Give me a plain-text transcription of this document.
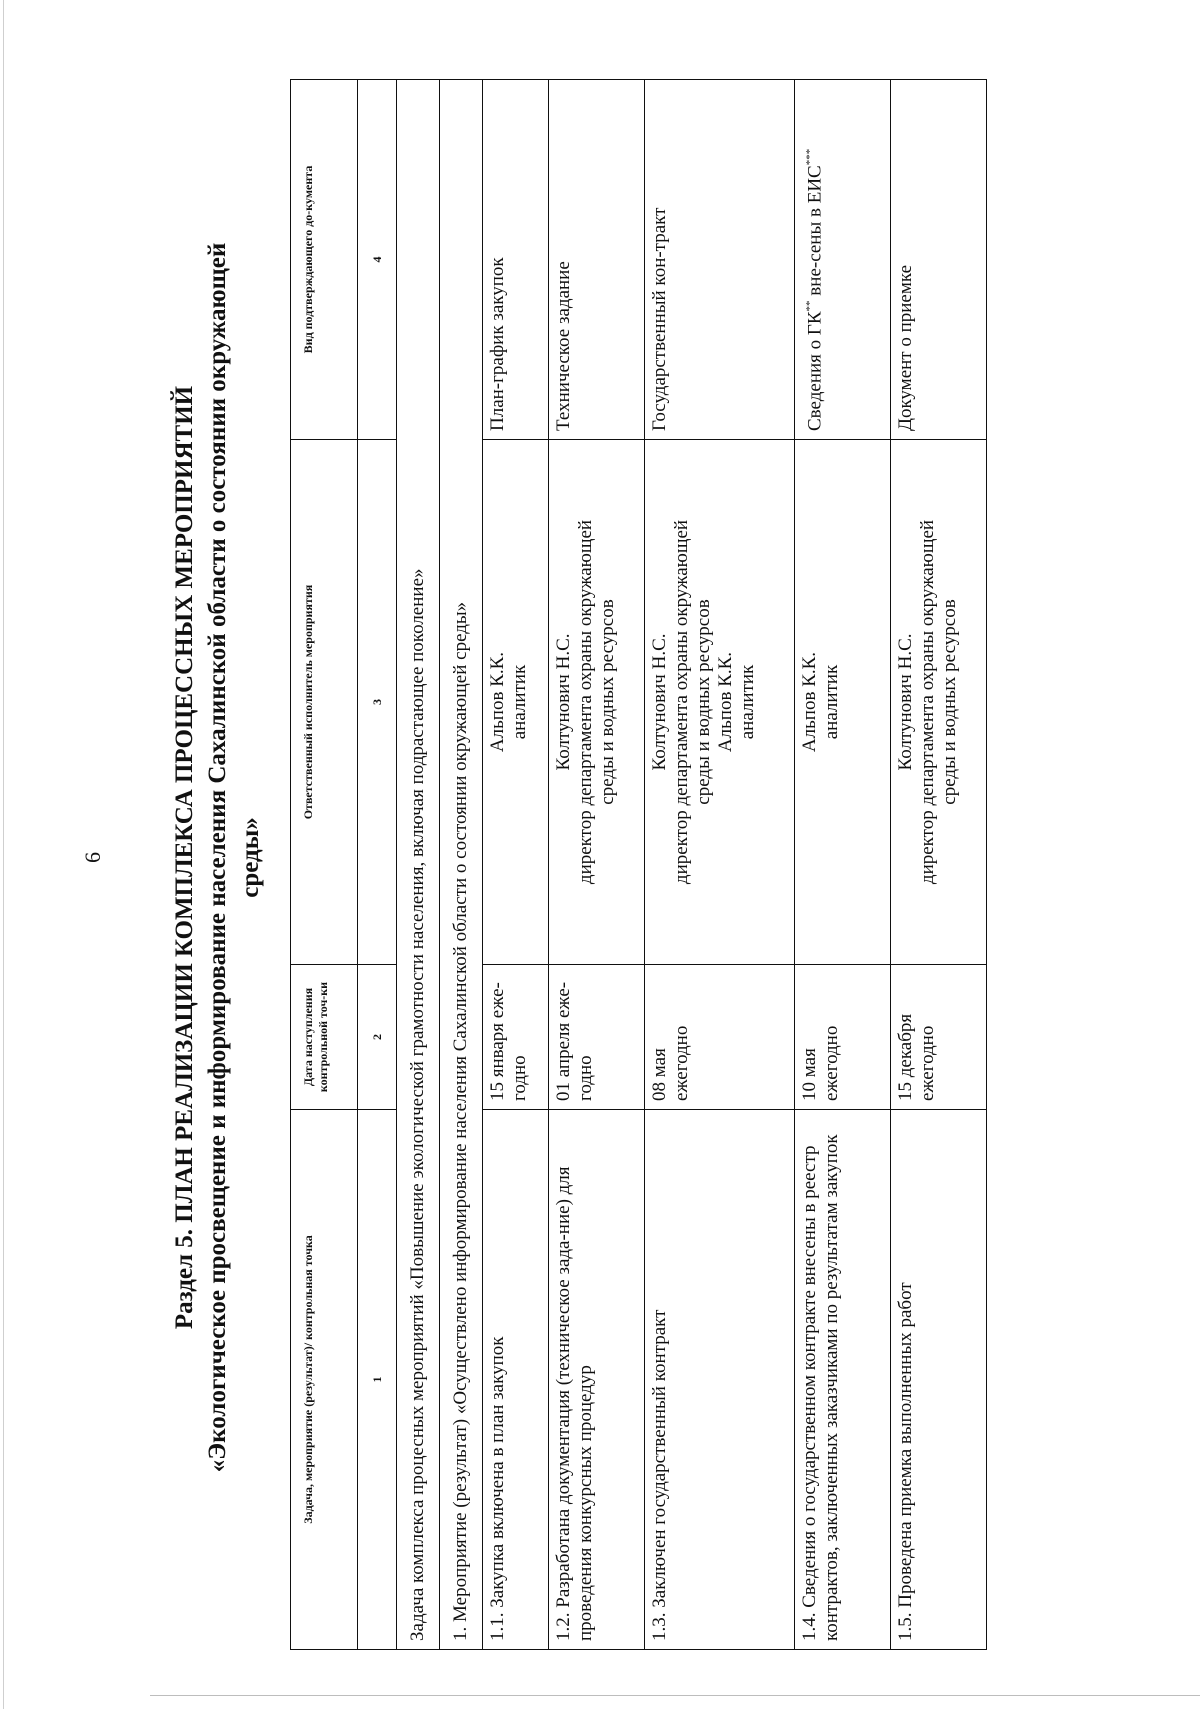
6	Раздел 5. ПЛАН РЕАЛИЗАЦИИ КОМПЛЕКСА ПРОЦЕССНЫХ МЕРОПРИЯТИЙ «Экологическое просвещение и информирование населения Сахалинской области о состоянии окружающей среды»
Задача, мероприятие (результат)/ контрольная точка	Дата наступления контрольной точ-ки	Ответственный исполнитель мероприятия	Вид подтверждающего до-кумента
1	2	3	4
Задача комплекса процесных мероприятий «Повышение экологической грамотности населения, включая подрастающее поколение»			
1. Мероприятие (результат) «Осуществлено информирование населения Сахалинской области о состоянии окружающей среды»			
1.1. Закупка включена в план закупок	15 января еже-годно	Альпов К.К. аналитик	План-график закупок
1.2. Разработана документация (техническое зада-ние) для проведения конкурсных процедур	01 апреля еже-годно	Колтунович Н.С. директор департамента охраны окружающей среды и водных ресурсов	Техническое задание
1.3. Заключен государственный контракт	08 мая ежегодно	Колтунович Н.С. директор департамента охраны окружающей среды и водных ресурсов Альпов К.К. аналитик	Государственный кон-тракт
1.4. Сведения о государственном контракте внесены в реестр контрактов, заключенных заказчиками по результатам закупок	10 мая ежегодно	Альпов К.К. аналитик	Сведения о ГК** вне-сены в ЕИС***
1.5. Проведена приемка выполненных работ	15 декабря ежегодно	Колтунович Н.С. директор департамента охраны окружающей среды и водных ресурсов	Документ о приемке
